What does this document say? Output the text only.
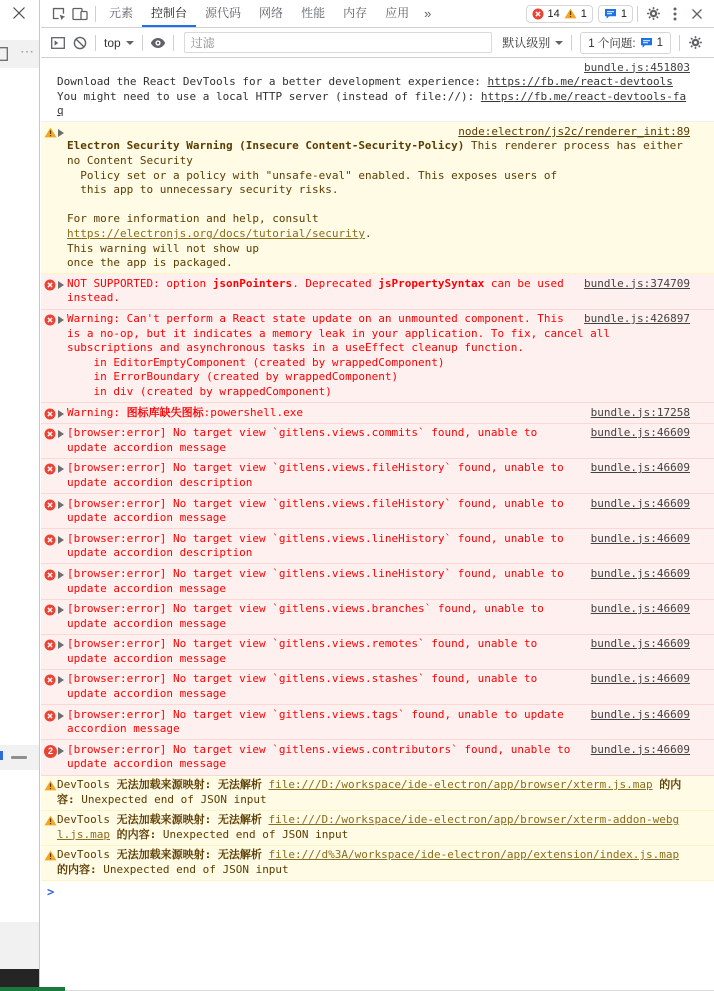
⋯
元素	控制台	源代码	网络	性能	内存	应用	»	14 1	1
top
过滤	默认级别	1 个问题: 1
bundle.js:451803

Download the React DevTools for a better development experience: https://fb.me/react-devtools
You might need to use a local HTTP server (instead of file://): https://fb.me/react-devtools-faq
node:electron/js2c/renderer_init:89

Electron Security Warning (Insecure Content-Security-Policy) This renderer process has either no Content Security
Policy set or a policy with "unsafe-eval" enabled. This exposes users of
this app to unnecessary security risks.

For more information and help, consult
https://electronjs.org/docs/tutorial/security.
This warning will not show up
once the app is packaged.
bundle.js:374709
NOT SUPPORTED: option jsonPointers. Deprecated jsPropertySyntax can be used instead.
bundle.js:426897
Warning: Can't perform a React state update on an unmounted component. This is a no-op, but it indicates a memory leak in your application. To fix, cancel all subscriptions and asynchronous tasks in a useEffect cleanup function.
in EditorEmptyComponent (created by wrappedComponent)
in ErrorBoundary (created by wrappedComponent)
in div (created by wrappedComponent)
bundle.js:17258
Warning: 图标库缺失图标:powershell.exe
bundle.js:46609
[browser:error] No target view `gitlens.views.commits` found, unable to update accordion message
bundle.js:46609
[browser:error] No target view `gitlens.views.fileHistory` found, unable to update accordion description
bundle.js:46609
[browser:error] No target view `gitlens.views.fileHistory` found, unable to update accordion message
bundle.js:46609
[browser:error] No target view `gitlens.views.lineHistory` found, unable to update accordion description
bundle.js:46609
[browser:error] No target view `gitlens.views.lineHistory` found, unable to update accordion message
bundle.js:46609
[browser:error] No target view `gitlens.views.branches` found, unable to update accordion message
bundle.js:46609
[browser:error] No target view `gitlens.views.remotes` found, unable to update accordion message
bundle.js:46609
[browser:error] No target view `gitlens.views.stashes` found, unable to update accordion message
bundle.js:46609
[browser:error] No target view `gitlens.views.tags` found, unable to update accordion message
2	bundle.js:46609
[browser:error] No target view `gitlens.views.contributors` found, unable to update accordion message
DevTools 无法加载来源映射: 无法解析 file:///D:/workspace/ide-electron/app/browser/xterm.js.map 的内容: Unexpected end of JSON input
DevTools 无法加载来源映射: 无法解析 file:///D:/workspace/ide-electron/app/browser/xterm-addon-webgl.js.map 的内容: Unexpected end of JSON input
DevTools 无法加载来源映射: 无法解析 file:///d%3A/workspace/ide-electron/app/extension/index.js.map 的内容: Unexpected end of JSON input
>
